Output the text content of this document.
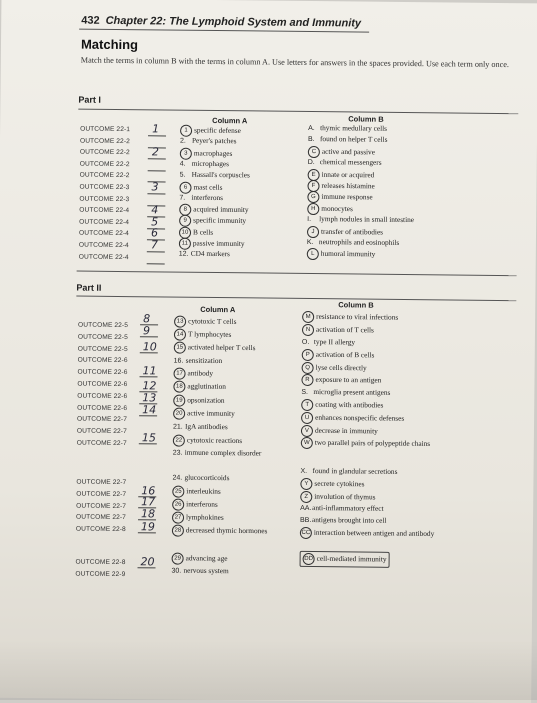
432 Chapter 22: The Lymphoid System and Immunity
Matching
Match the terms in column B with the terms in column A. Use letters for answers in the spaces provided. Use each term only once.
Part I
Column A	Column B
OUTCOME 22-1 1
OUTCOME 22-2
OUTCOME 22-2 2
OUTCOME 22-2
OUTCOME 22-2
OUTCOME 22-3 3
OUTCOME 22-3
OUTCOME 22-4 4
OUTCOME 22-4 5
OUTCOME 22-4 6
OUTCOME 22-4 7
OUTCOME 22-4
1 specific defense
2. Peyer's patches
3 macrophages
4. microphages
5. Hassall's corpuscles
6 mast cells
7. interferons
8 acquired immunity
9 specific immunity
10 B cells
11 passive immunity
12. CD4 markers
A. thymic medullary cells
B. found on helper T cells
C active and passive
D. chemical messengers
E innate or acquired
F releases histamine
G immune response
H monocytes
I. lymph nodules in small intestine
J transfer of antibodies
K. neutrophils and eosinophils
L humoral immunity
Part II
Column A	Column B
OUTCOME 22-5
OUTCOME 22-5
OUTCOME 22-5
OUTCOME 22-6
OUTCOME 22-6
OUTCOME 22-6
OUTCOME 22-6
OUTCOME 22-6
OUTCOME 22-7
OUTCOME 22-7
OUTCOME 22-7
OUTCOME 22-7
OUTCOME 22-7
OUTCOME 22-7
OUTCOME 22-7
OUTCOME 22-8
OUTCOME 22-8
OUTCOME 22-9
8
9
10
11
12
13
14
15
16
17
18
19
20
13 cytotoxic T cells
14 T lymphocytes
15 activated helper T cells
16. sensitization
17 antibody
18 agglutination
19 opsonization
20 active immunity
21. IgA antibodies
22 cytotoxic reactions
23. immune complex disorder
24. glucocorticoids
25 interleukins
26 interferons
27 lymphokines
28 decreased thymic hormones
29 advancing age
30. nervous system
M resistance to viral infections
N activation of T cells
O. type II allergy
P activation of B cells
Q lyse cells directly
R exposure to an antigen
S. microglia present antigens
T coating with antibodies
U enhances nonspecific defenses
V decrease in immunity
W two parallel pairs of polypeptide chains
X. found in glandular secretions
Y secrete cytokines
Z involution of thymus
AA.anti-inflammatory effect
BB.antigens brought into cell
CC interaction between antigen and antibody
DD cell-mediated immunity
